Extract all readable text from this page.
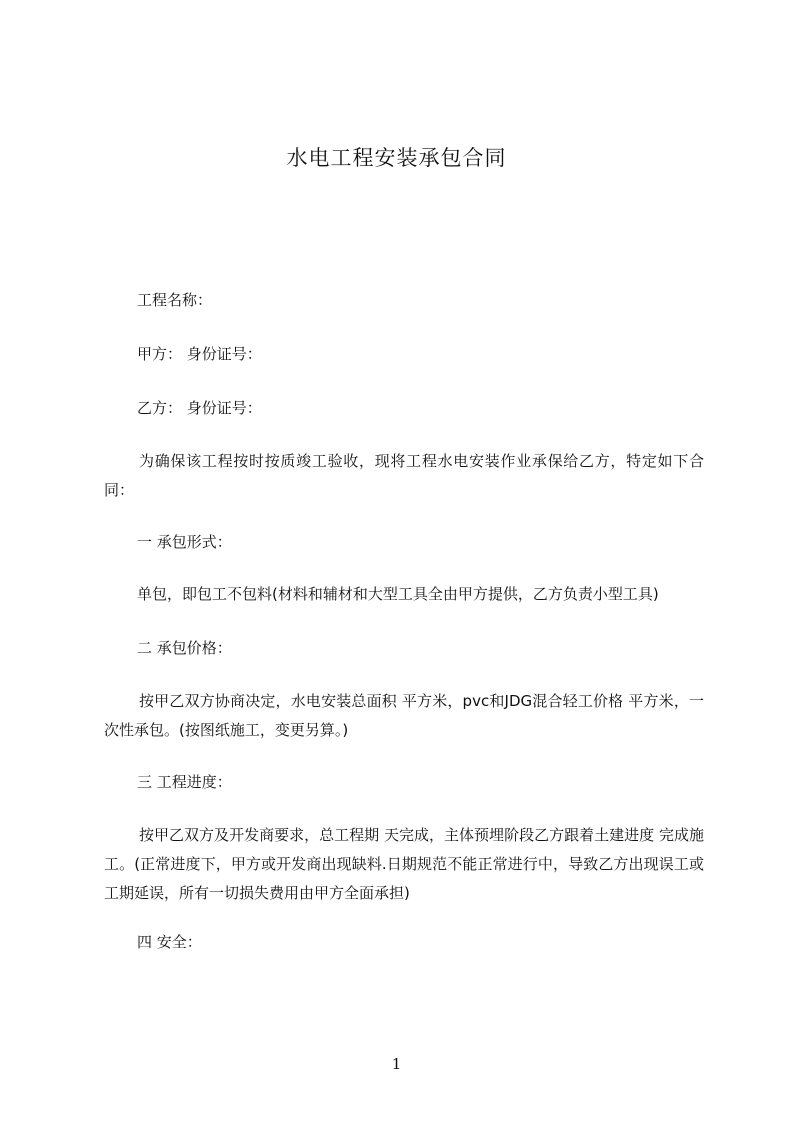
水电工程安装承包合同
工程名称：
甲方： 身份证号：
乙方： 身份证号：
为确保该工程按时按质竣工验收，现将工程水电安装作业承保给乙方，特定如下合同：
一 承包形式：
单包，即包工不包料(材料和辅材和大型工具全由甲方提供，乙方负责小型工具)
二 承包价格：
按甲乙双方协商决定，水电安装总面积 平方米，pvc和JDG混合轻工价格 平方米，一次性承包。(按图纸施工，变更另算。)
三 工程进度：
按甲乙双方及开发商要求，总工程期 天完成，主体预埋阶段乙方跟着土建进度 完成施工。(正常进度下，甲方或开发商出现缺料.日期规范不能正常进行中，导致乙方出现误工或工期延误，所有一切损失费用由甲方全面承担)
四 安全：
1
